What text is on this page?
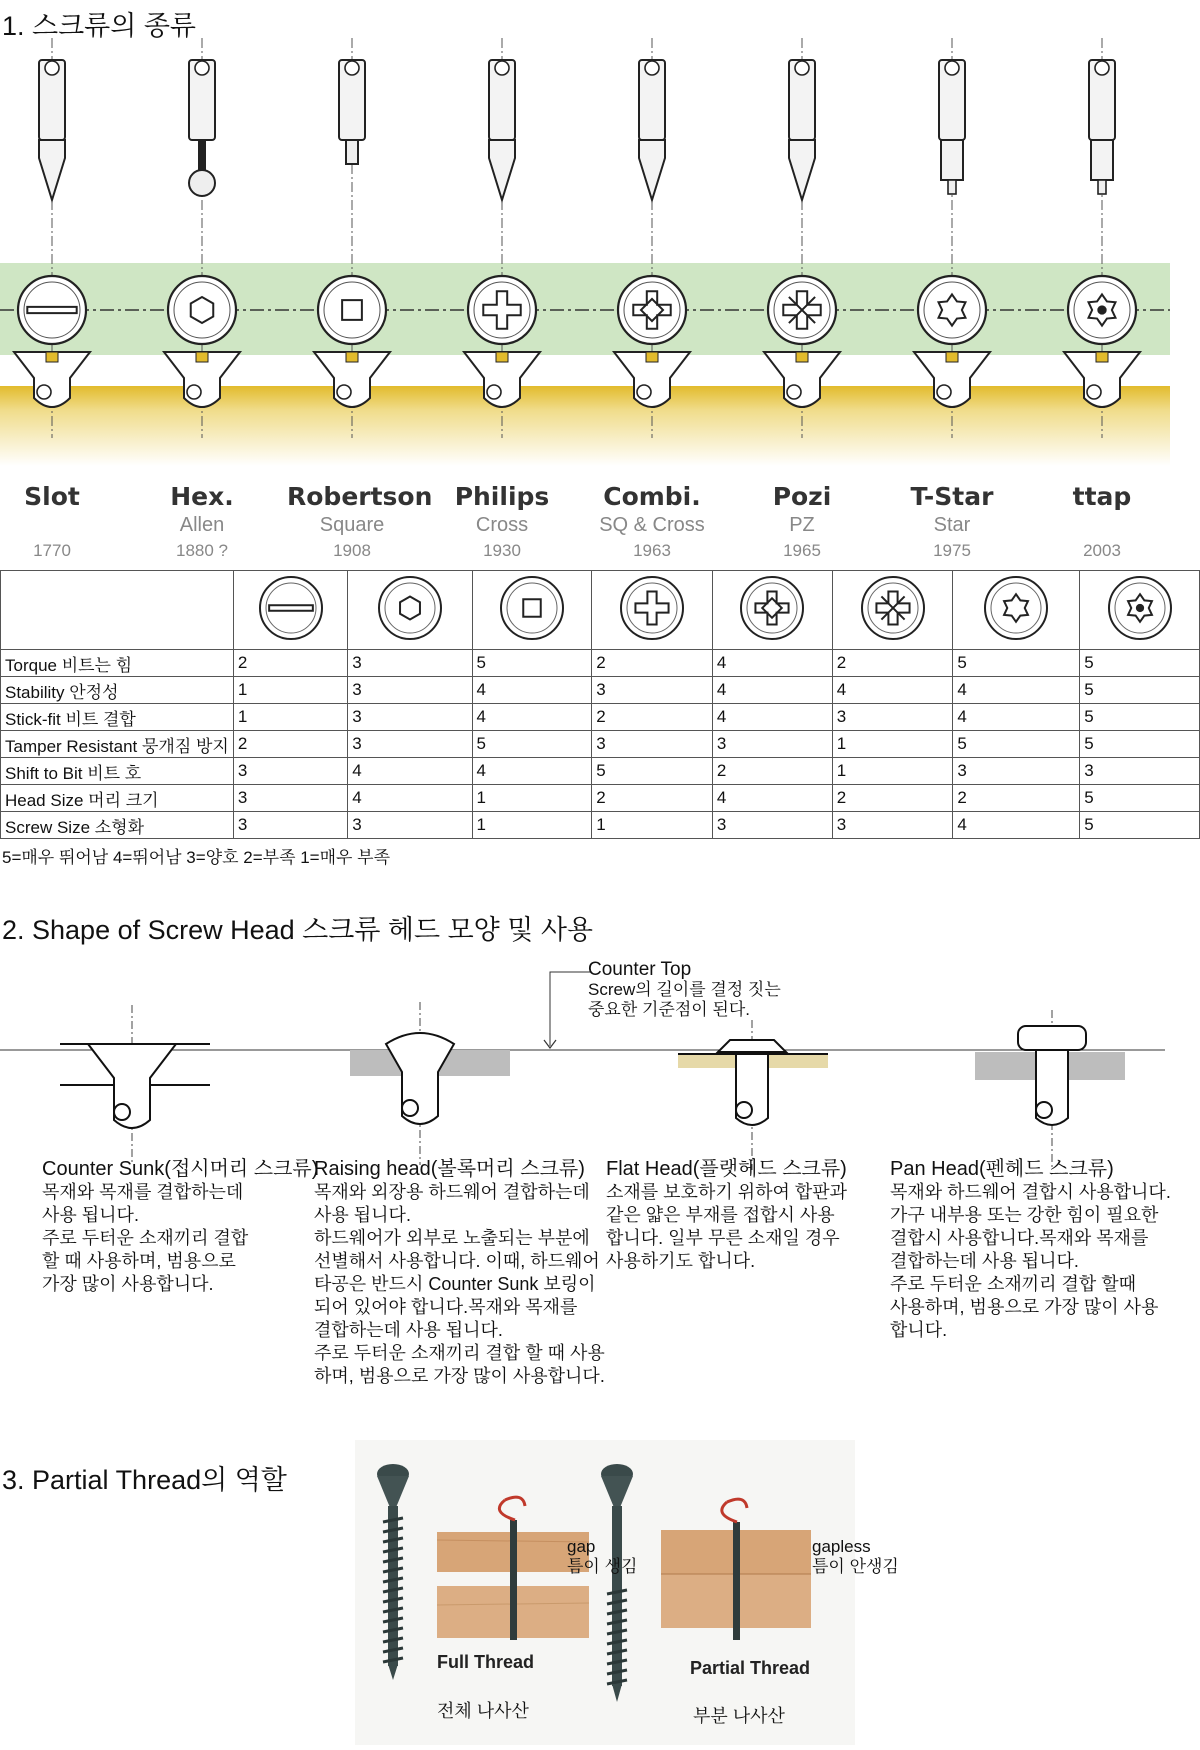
1. 스크류의 종류
Slot
1770
Hex.
Allen
1880 ?
Robertson
Square
1908
Philips
Cross
1930
Combi.
SQ & Cross
1963
Pozi
PZ
1965
T-Star
Star
1975
ttap
2003

Torque 비트는 힘	2	3	5	2	4	2	5	5
Stability 안정성	1	3	4	3	4	4	4	5
Stick-fit 비트 결합	1	3	4	2	4	3	4	5
Tamper Resistant 뭉개짐 방지	2	3	5	3	3	1	5	5
Shift to Bit 비트 호	3	4	4	5	2	1	3	3
Head Size 머리 크기	3	4	1	2	4	2	2	5
Screw Size 소형화	3	3	1	1	3	3	4	5
5=매우 뛰어남 4=뛰어남 3=양호 2=부족 1=매우 부족
2. Shape of Screw Head 스크류 헤드 모양 및 사용
Counter Top
Screw의 길이를 결정 짓는
중요한 기준점이 된다.
Counter Sunk(접시머리 스크류)
목재와 목재를 결합하는데
사용 됩니다.
주로 두터운 소재끼리 결합
할 때 사용하며, 범용으로
가장 많이 사용합니다.
Raising head(볼록머리 스크류)
목재와 외장용 하드웨어 결합하는데
사용 됩니다.
하드웨어가 외부로 노출되는 부분에
선별해서 사용합니다. 이때, 하드웨어
타공은 반드시 Counter Sunk 보링이
되어 있어야 합니다.목재와 목재를
결합하는데 사용 됩니다.
주로 두터운 소재끼리 결합 할 때 사용
하며, 범용으로 가장 많이 사용합니다.
Flat Head(플랫헤드 스크류)
소재를 보호하기 위하여 합판과
같은 얇은 부재를 접합시 사용
합니다. 일부 무른 소재일 경우
사용하기도 합니다.
Pan Head(펜헤드 스크류)
목재와 하드웨어 결합시 사용합니다.
가구 내부용 또는 강한 힘이 필요한
결합시 사용합니다.목재와 목재를
결합하는데 사용 됩니다.
주로 두터운 소재끼리 결합 할때
사용하며, 범용으로 가장 많이 사용
합니다.
3. Partial Thread의 역할
gap
틈이 생김
gapless
틈이 안생김
Full Thread	Partial Thread
전체 나사산	부분 나사산
